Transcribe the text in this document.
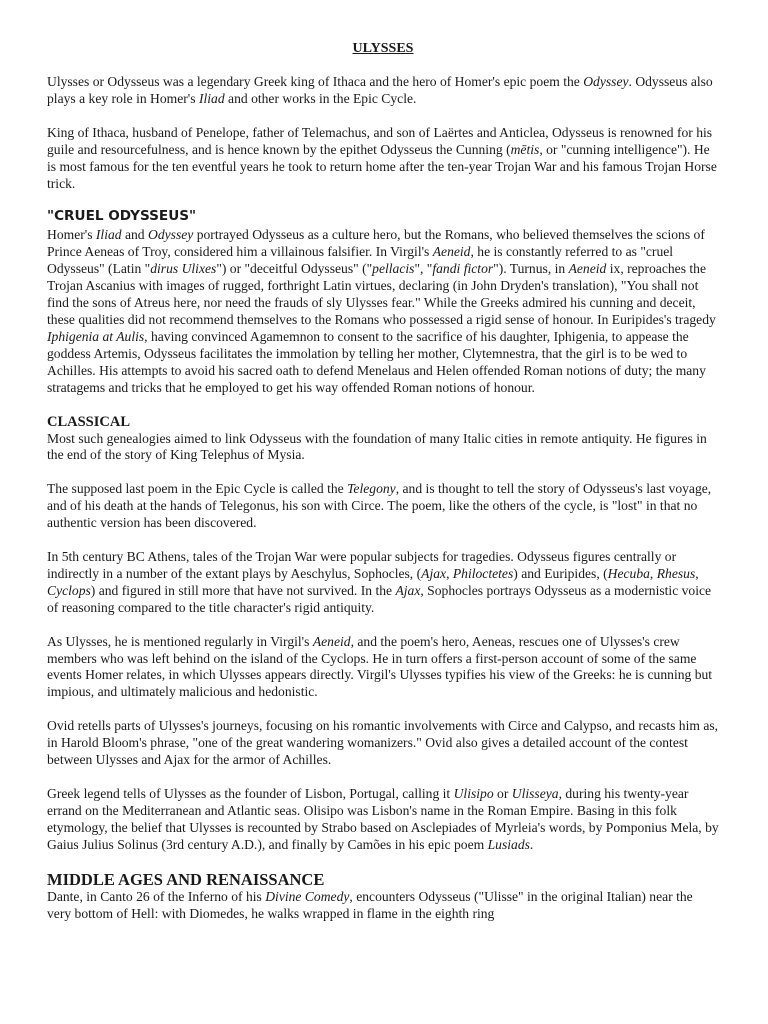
ULYSSES

Ulysses or Odysseus was a legendary Greek king of Ithaca and the hero of Homer's epic poem the Odyssey. Odysseus also plays a key role in Homer's Iliad and other works in the Epic Cycle.

King of Ithaca, husband of Penelope, father of Telemachus, and son of Laërtes and Anticlea, Odysseus is renowned for his guile and resourcefulness, and is hence known by the epithet Odysseus the Cunning (mētis, or "cunning intelligence"). He is most famous for the ten eventful years he took to return home after the ten-year Trojan War and his famous Trojan Horse trick.

"CRUEL ODYSSEUS"

Homer's Iliad and Odyssey portrayed Odysseus as a culture hero, but the Romans, who believed themselves the scions of Prince Aeneas of Troy, considered him a villainous falsifier. In Virgil's Aeneid, he is constantly referred to as "cruel Odysseus" (Latin "dirus Ulixes") or "deceitful Odysseus" ("pellacis", "fandi fictor"). Turnus, in Aeneid ix, reproaches the Trojan Ascanius with images of rugged, forthright Latin virtues, declaring (in John Dryden's translation), "You shall not find the sons of Atreus here, nor need the frauds of sly Ulysses fear." While the Greeks admired his cunning and deceit, these qualities did not recommend themselves to the Romans who possessed a rigid sense of honour. In Euripides's tragedy Iphigenia at Aulis, having convinced Agamemnon to consent to the sacrifice of his daughter, Iphigenia, to appease the goddess Artemis, Odysseus facilitates the immolation by telling her mother, Clytemnestra, that the girl is to be wed to Achilles. His attempts to avoid his sacred oath to defend Menelaus and Helen offended Roman notions of duty; the many stratagems and tricks that he employed to get his way offended Roman notions of honour.

CLASSICAL

Most such genealogies aimed to link Odysseus with the foundation of many Italic cities in remote antiquity. He figures in the end of the story of King Telephus of Mysia.

The supposed last poem in the Epic Cycle is called the Telegony, and is thought to tell the story of Odysseus's last voyage, and of his death at the hands of Telegonus, his son with Circe. The poem, like the others of the cycle, is "lost" in that no authentic version has been discovered.

In 5th century BC Athens, tales of the Trojan War were popular subjects for tragedies. Odysseus figures centrally or indirectly in a number of the extant plays by Aeschylus, Sophocles, (Ajax, Philoctetes) and Euripides, (Hecuba, Rhesus, Cyclops) and figured in still more that have not survived. In the Ajax, Sophocles portrays Odysseus as a modernistic voice of reasoning compared to the title character's rigid antiquity.

As Ulysses, he is mentioned regularly in Virgil's Aeneid, and the poem's hero, Aeneas, rescues one of Ulysses's crew members who was left behind on the island of the Cyclops. He in turn offers a first-person account of some of the same events Homer relates, in which Ulysses appears directly. Virgil's Ulysses typifies his view of the Greeks: he is cunning but impious, and ultimately malicious and hedonistic.

Ovid retells parts of Ulysses's journeys, focusing on his romantic involvements with Circe and Calypso, and recasts him as, in Harold Bloom's phrase, "one of the great wandering womanizers." Ovid also gives a detailed account of the contest between Ulysses and Ajax for the armor of Achilles.

Greek legend tells of Ulysses as the founder of Lisbon, Portugal, calling it Ulisipo or Ulisseya, during his twenty-year errand on the Mediterranean and Atlantic seas. Olisipo was Lisbon's name in the Roman Empire. Basing in this folk etymology, the belief that Ulysses is recounted by Strabo based on Asclepiades of Myrleia's words, by Pomponius Mela, by Gaius Julius Solinus (3rd century A.D.), and finally by Camões in his epic poem Lusiads.

MIDDLE AGES AND RENAISSANCE

Dante, in Canto 26 of the Inferno of his Divine Comedy, encounters Odysseus ("Ulisse" in the original Italian) near the very bottom of Hell: with Diomedes, he walks wrapped in flame in the eighth ring
